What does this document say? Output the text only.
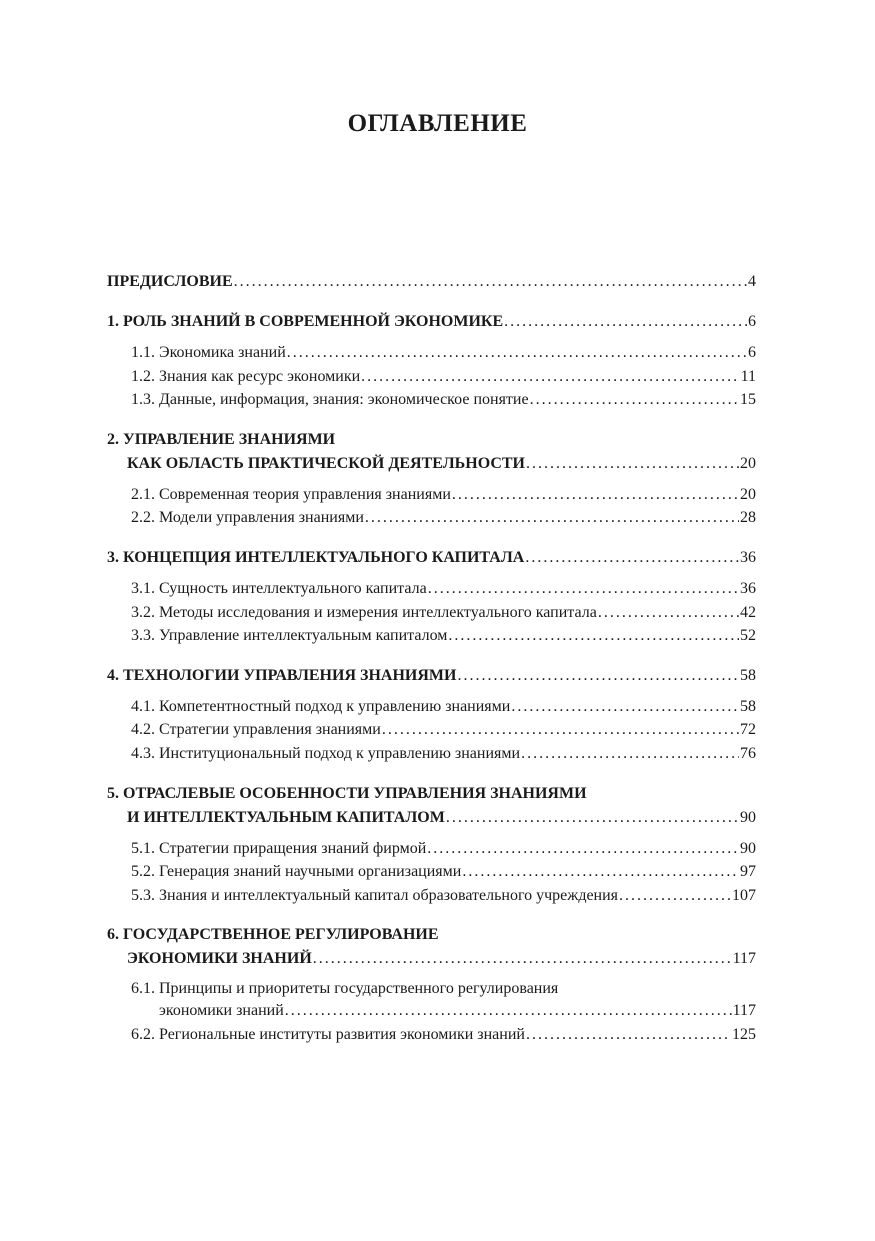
ОГЛАВЛЕНИЕ
ПРЕДИСЛОВИЕ .....	4
1. РОЛЬ ЗНАНИЙ В СОВРЕМЕННОЙ ЭКОНОМИКЕ .....	6
1.1. Экономика знаний .....	6
1.2. Знания как ресурс экономики .....	11
1.3. Данные, информация, знания: экономическое понятие .....	15
2. УПРАВЛЕНИЕ ЗНАНИЯМИ
КАК ОБЛАСТЬ ПРАКТИЧЕСКОЙ ДЕЯТЕЛЬНОСТИ .....	20
2.1. Современная теория управления знаниями .....	20
2.2. Модели управления знаниями .....	28
3. КОНЦЕПЦИЯ ИНТЕЛЛЕКТУАЛЬНОГО КАПИТАЛА .....	36
3.1. Сущность интеллектуального капитала .....	36
3.2. Методы исследования и измерения интеллектуального капитала .....	42
3.3. Управление интеллектуальным капиталом .....	52
4. ТЕХНОЛОГИИ УПРАВЛЕНИЯ ЗНАНИЯМИ .....	58
4.1. Компетентностный подход к управлению знаниями .....	58
4.2. Стратегии управления знаниями .....	72
4.3. Институциональный подход к управлению знаниями .....	76
5. ОТРАСЛЕВЫЕ ОСОБЕННОСТИ УПРАВЛЕНИЯ ЗНАНИЯМИ
И ИНТЕЛЛЕКТУАЛЬНЫМ КАПИТАЛОМ .....	90
5.1. Стратегии приращения знаний фирмой .....	90
5.2. Генерация знаний научными организациями .....	97
5.3. Знания и интеллектуальный капитал образовательного учреждения .....	107
6. ГОСУДАРСТВЕННОЕ РЕГУЛИРОВАНИЕ
ЭКОНОМИКИ ЗНАНИЙ .....	117
6.1. Принципы и приоритеты государственного регулирования
экономики знаний .....	117
6.2. Региональные институты развития экономики знаний .....	125
